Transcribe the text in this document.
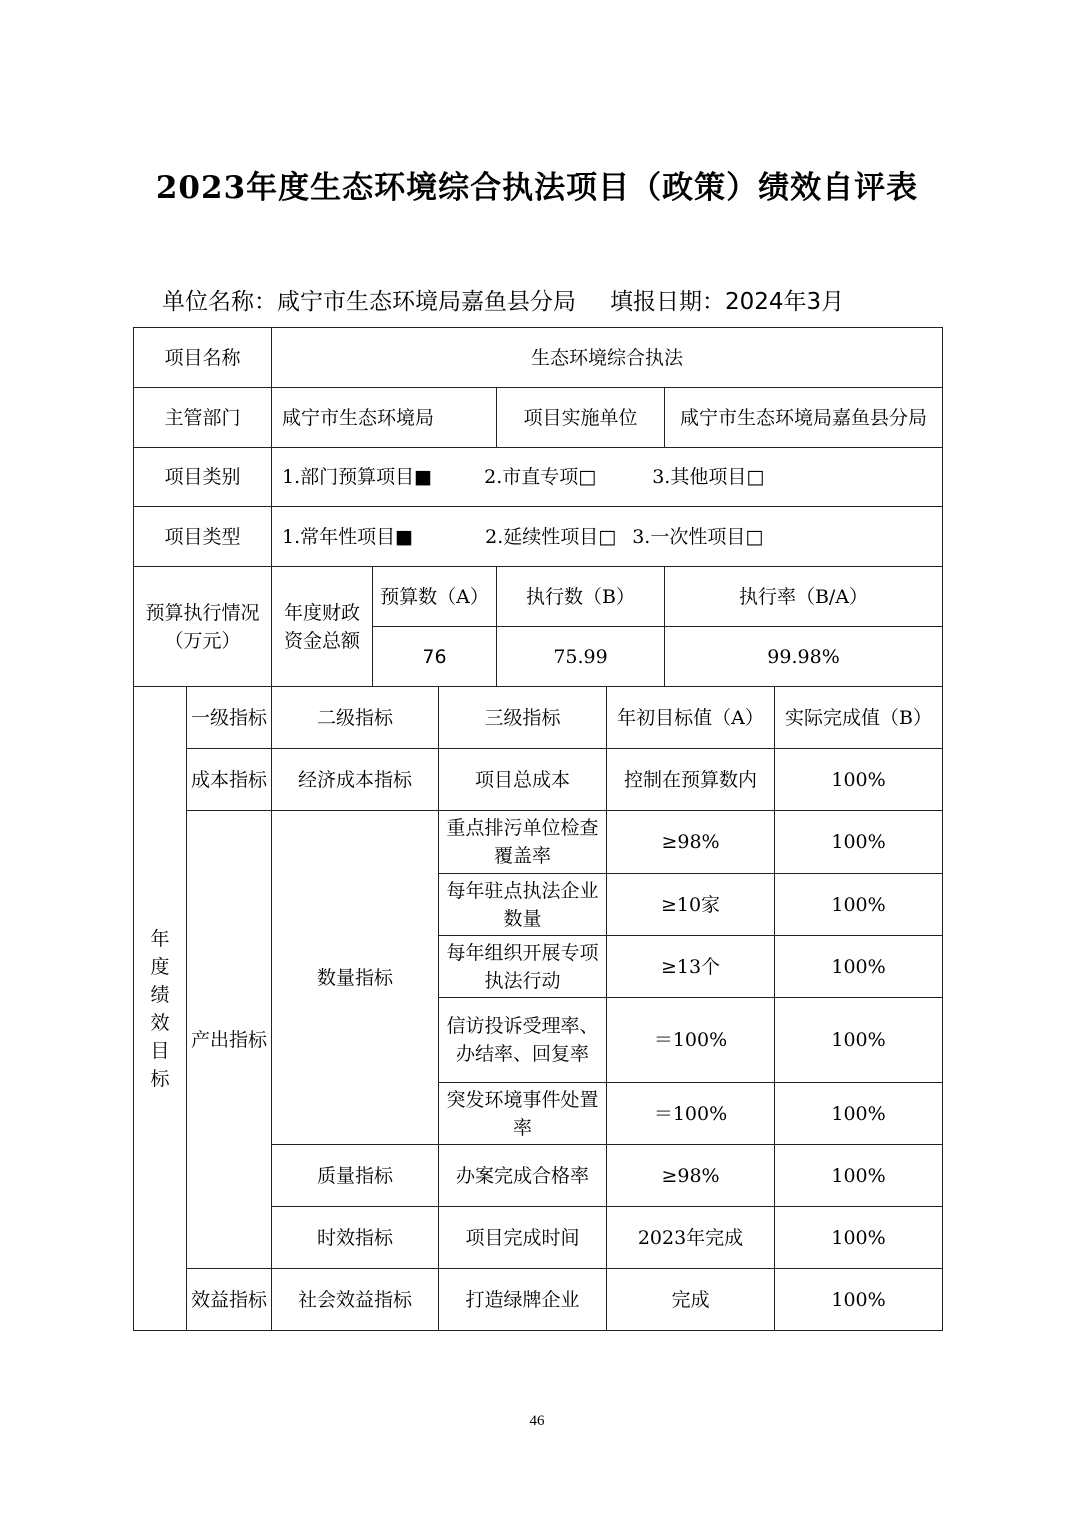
2023年度生态环境综合执法项目（政策）绩效自评表
单位名称：咸宁市生态环境局嘉鱼县分局 填报日期：2024年3月
项目名称		生态环境综合执法						
主管部门		咸宁市生态环境局			项目实施单位		咸宁市生态环境局嘉鱼县分局	
项目类别		1.部门预算项目■ 2.市直专项□ 3.其他项目□						
项目类型		1.常年性项目■ 2.延续性项目□ 3.一次性项目□						
预算执行情况（万元）		年度财政资金总额	预算数（A）		执行数（B）		执行率（B/A）	
			76		75.99		99.98%	
年度绩效目标	一级指标	二级指标		三级指标		年初目标值（A）		实际完成值（B）
	成本指标	经济成本指标		项目总成本		控制在预算数内		100%
	产出指标	数量指标		重点排污单位检查覆盖率		≥98%		100%
				每年驻点执法企业数量		≥10家		100%
				每年组织开展专项执法行动		≥13个		100%
				信访投诉受理率、办结率、回复率		＝100%		100%
				突发环境事件处置率		＝100%		100%
		质量指标		办案完成合格率		≥98%		100%
		时效指标		项目完成时间		2023年完成		100%
	效益指标	社会效益指标		打造绿牌企业		完成		100%
46
